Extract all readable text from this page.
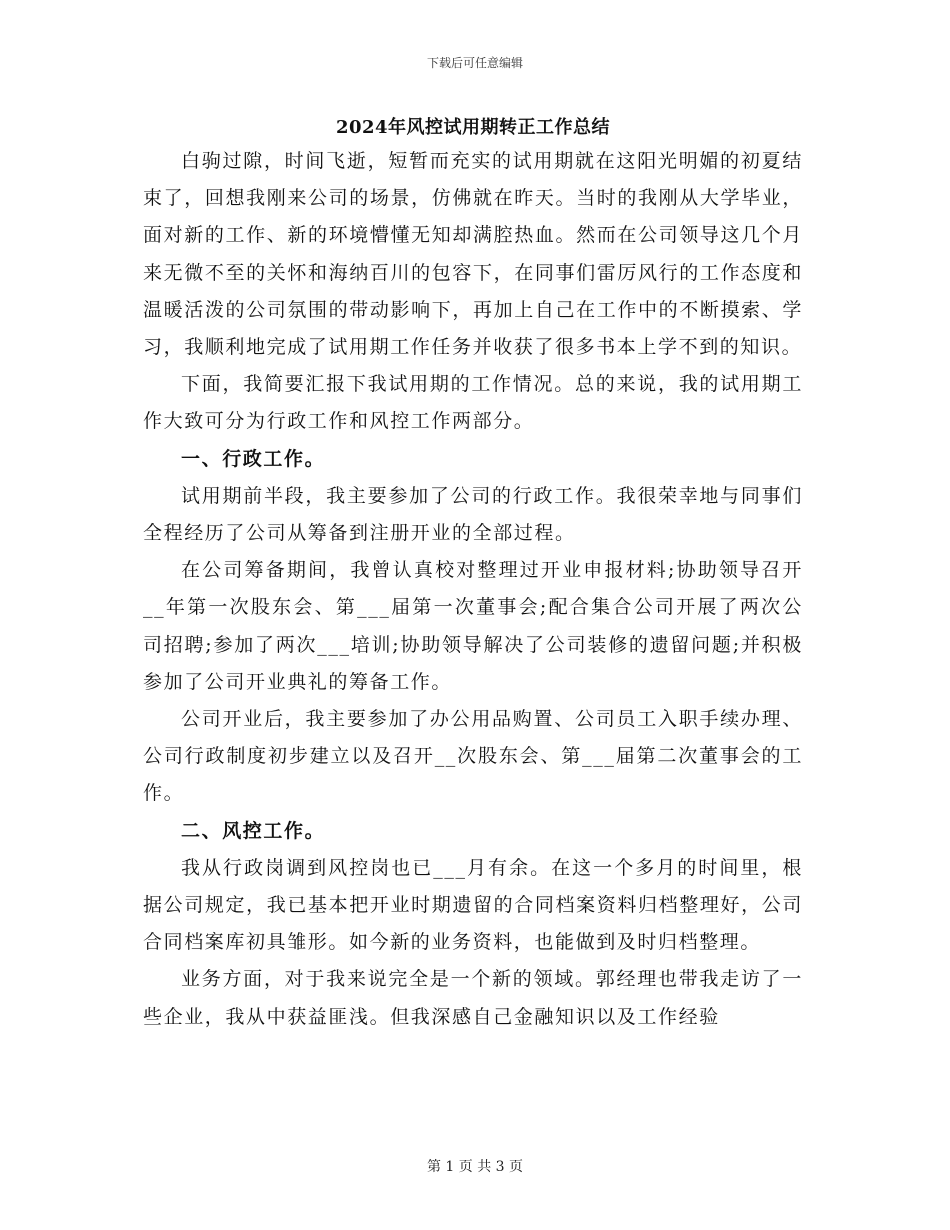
下载后可任意编辑
2024年风控试用期转正工作总结

白驹过隙，时间飞逝，短暂而充实的试用期就在这阳光明媚的初夏结束了，回想我刚来公司的场景，仿佛就在昨天。当时的我刚从大学毕业，面对新的工作、新的环境懵懂无知却满腔热血。然而在公司领导这几个月来无微不至的关怀和海纳百川的包容下，在同事们雷厉风行的工作态度和温暖活泼的公司氛围的带动影响下，再加上自己在工作中的不断摸索、学习，我顺利地完成了试用期工作任务并收获了很多书本上学不到的知识。

下面，我简要汇报下我试用期的工作情况。总的来说，我的试用期工作大致可分为行政工作和风控工作两部分。

一、行政工作。

试用期前半段，我主要参加了公司的行政工作。我很荣幸地与同事们全程经历了公司从筹备到注册开业的全部过程。

在公司筹备期间，我曾认真校对整理过开业申报材料;协助领导召开__年第一次股东会、第___届第一次董事会;配合集合公司开展了两次公司招聘;参加了两次___培训;协助领导解决了公司装修的遗留问题;并积极参加了公司开业典礼的筹备工作。

公司开业后，我主要参加了办公用品购置、公司员工入职手续办理、公司行政制度初步建立以及召开__次股东会、第___届第二次董事会的工作。

二、风控工作。

我从行政岗调到风控岗也已___月有余。在这一个多月的时间里，根据公司规定，我已基本把开业时期遗留的合同档案资料归档整理好，公司合同档案库初具雏形。如今新的业务资料，也能做到及时归档整理。

业务方面，对于我来说完全是一个新的领域。郭经理也带我走访了一些企业，我从中获益匪浅。但我深感自己金融知识以及工作经验

第 1 页 共 3 页
